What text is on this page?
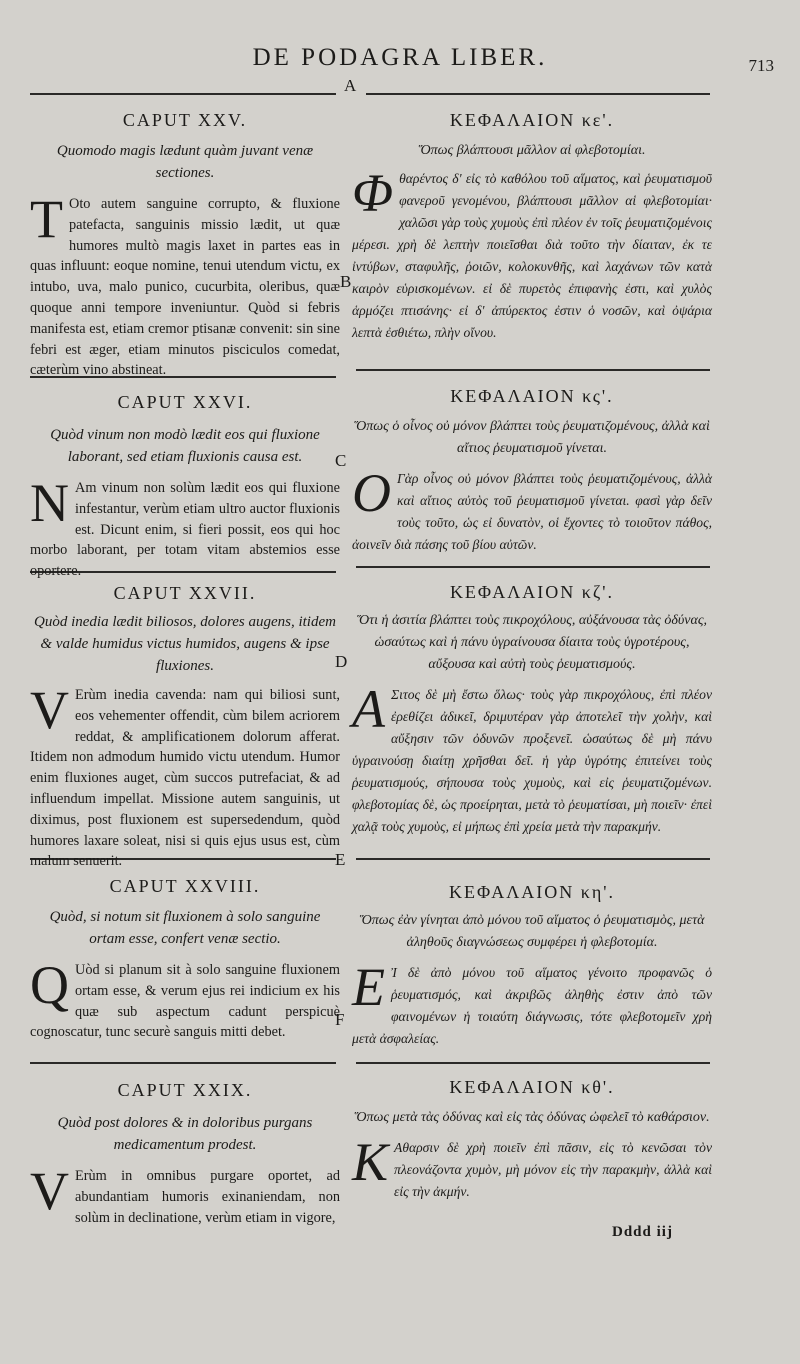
DE PODAGRA LIBER.	713
A
B
C
D
E
F
CAPUT XXV.
Quomodo magis lædunt quàm juvant venæ sectiones.
T Oto autem sanguine corrupto, & fluxione patefacta, sanguinis missio lædit, ut quæ humores multò magis laxet in partes eas in quas influunt: eoque nomine, tenui utendum victu, ex intubo, uva, malo punico, cucurbita, oleribus, quæ quoque anni tempore inveniuntur. Quòd si febris manifesta est, etiam cremor ptisanæ convenit: sin sine febri est æger, etiam minutos pisciculos comedat, cæterùm vino abstineat.
ΚΕΦΑΛΑΙΟΝ κε'.
Ὅπως βλάπτουσι μᾶλλον αἱ φλεβοτομίαι.
Φθαρέντος δ' εἰς τὸ καθόλου τοῦ αἵματος, καὶ ῥευματισμοῦ φανεροῦ γενομένου, βλάπτουσι μᾶλλον αἱ φλεβοτομίαι· χαλῶσι γὰρ τοὺς χυμοὺς ἐπὶ πλέον ἐν τοῖς ῥευματιζομένοις μέρεσι. χρὴ δὲ λεπτὴν ποιεῖσθαι διὰ τοῦτο τὴν δίαιταν, ἐκ τε ἰντύβων, σταφυλῆς, ῥοιῶν, κολοκυνθῆς, καὶ λαχάνων τῶν κατὰ καιρὸν εὑρισκομένων. εἰ δὲ πυρετὸς ἐπιφανὴς ἐστι, καὶ χυλὸς ἁρμόζει πτισάνης· εἰ δ' ἀπύρεκτος ἐστιν ὁ νοσῶν, καὶ ὀψάρια λεπτὰ ἐσθιέτω, πλὴν οἴνου.
CAPUT XXVI.
Quòd vinum non modò lædit eos qui fluxione laborant, sed etiam fluxionis causa est.
N Am vinum non solùm lædit eos qui fluxione infestantur, verùm etiam ultro auctor fluxionis est. Dicunt enim, si fieri possit, eos qui hoc morbo laborant, per totam vitam abstemios esse oportere.
ΚΕΦΑΛΑΙΟΝ κς'.
Ὅπως ὁ οἶνος οὐ μόνον βλάπτει τοὺς ῥευματιζομένους, ἀλλὰ καὶ αἴτιος ῥευματισμοῦ γίνεται.
Ο Γὰρ οἶνος οὐ μόνον βλάπτει τοὺς ῥευματιζομένους, ἀλλὰ καὶ αἴτιος αὐτὸς τοῦ ῥευματισμοῦ γίνεται. φασὶ γὰρ δεῖν τοὺς τοῦτο, ὡς εἰ δυνατὸν, οἱ ἔχοντες τὸ τοιοῦτον πάθος, ἀοινεῖν διὰ πάσης τοῦ βίου αὐτῶν.
CAPUT XXVII.
Quòd inedia lædit biliosos, dolores augens, itidem & valde humidus victus humidos, augens & ipse fluxiones.
V Erùm inedia cavenda: nam qui biliosi sunt, eos vehementer offendit, cùm bilem acriorem reddat, & amplificationem dolorum afferat. Itidem non admodum humido victu utendum. Humor enim fluxiones auget, cùm succos putrefaciat, & ad influendum impellat. Missione autem sanguinis, ut diximus, post fluxionem est supersedendum, quòd humores laxare soleat, nisi si quis ejus usus est, cùm malum senuerit.
ΚΕΦΑΛΑΙΟΝ κζ'.
Ὅτι ἡ ἀσιτία βλάπτει τοὺς πικροχόλους, αὐξάνουσα τὰς ὀδύνας, ὡσαύτως καὶ ἡ πάνυ ὑγραίνουσα δίαιτα τοὺς ὑγροτέρους, αὔξουσα καὶ αὐτὴ τοὺς ῥευματισμούς.
Α Σιτος δὲ μὴ ἔστω ὅλως· τοὺς γὰρ πικροχόλους, ἐπὶ πλέον ἐρεθίζει ἀδικεῖ, δριμυτέραν γὰρ ἀποτελεῖ τὴν χολὴν, καὶ αὔξησιν τῶν ὀδυνῶν προξενεῖ. ὡσαύτως δὲ μὴ πάνυ ὑγραινούσῃ διαίτῃ χρῆσθαι δεῖ. ἡ γὰρ ὑγρότης ἐπιτείνει τοὺς ῥευματισμούς, σήπουσα τοὺς χυμοὺς, καὶ εἰς ῥευματιζομένων. φλεβοτομίας δὲ, ὡς προείρηται, μετὰ τὸ ῥευματίσαι, μὴ ποιεῖν· ἐπεὶ χαλᾷ τοὺς χυμοὺς, εἰ μήπως ἐπὶ χρεία μετὰ τὴν παρακμήν.
CAPUT XXVIII.
Quòd, si notum sit fluxionem à solo sanguine ortam esse, confert venæ sectio.
Q Uòd si planum sit à solo sanguine fluxionem ortam esse, & verum ejus rei indicium ex his quæ sub aspectum cadunt perspicuè cognoscatur, tunc securè sanguis mitti debet.
ΚΕΦΑΛΑΙΟΝ κη'.
Ὅπως ἐὰν γίνηται ἀπὸ μόνου τοῦ αἵματος ὁ ῥευματισμὸς, μετὰ ἀληθοῦς διαγνώσεως συμφέρει ἡ φλεβοτομία.
Ε Ἰ δὲ ἀπὸ μόνου τοῦ αἵματος γένοιτο προφανῶς ὁ ῥευματισμός, καὶ ἀκριβῶς ἀληθὴς ἐστιν ἀπὸ τῶν φαινομένων ἡ τοιαύτη διάγνωσις, τότε φλεβοτομεῖν χρὴ μετὰ ἀσφαλείας.
CAPUT XXIX.
Quòd post dolores & in doloribus purgans medicamentum prodest.
V Erùm in omnibus purgare oportet, ad abundantiam humoris exinaniendam, non solùm in declinatione, verùm etiam in vigore,
ΚΕΦΑΛΑΙΟΝ κθ'.
Ὅπως μετὰ τὰς ὀδύνας καὶ εἰς τὰς ὀδύνας ὠφελεῖ τὸ καθάρσιον.
Κ Αθαρσιν δὲ χρὴ ποιεῖν ἐπὶ πᾶσιν, εἰς τὸ κενῶσαι τὸν πλεονάζοντα χυμὸν, μὴ μόνον εἰς τὴν παρακμὴν, ἀλλὰ καὶ εἰς τὴν ἀκμήν.
Dddd iij
